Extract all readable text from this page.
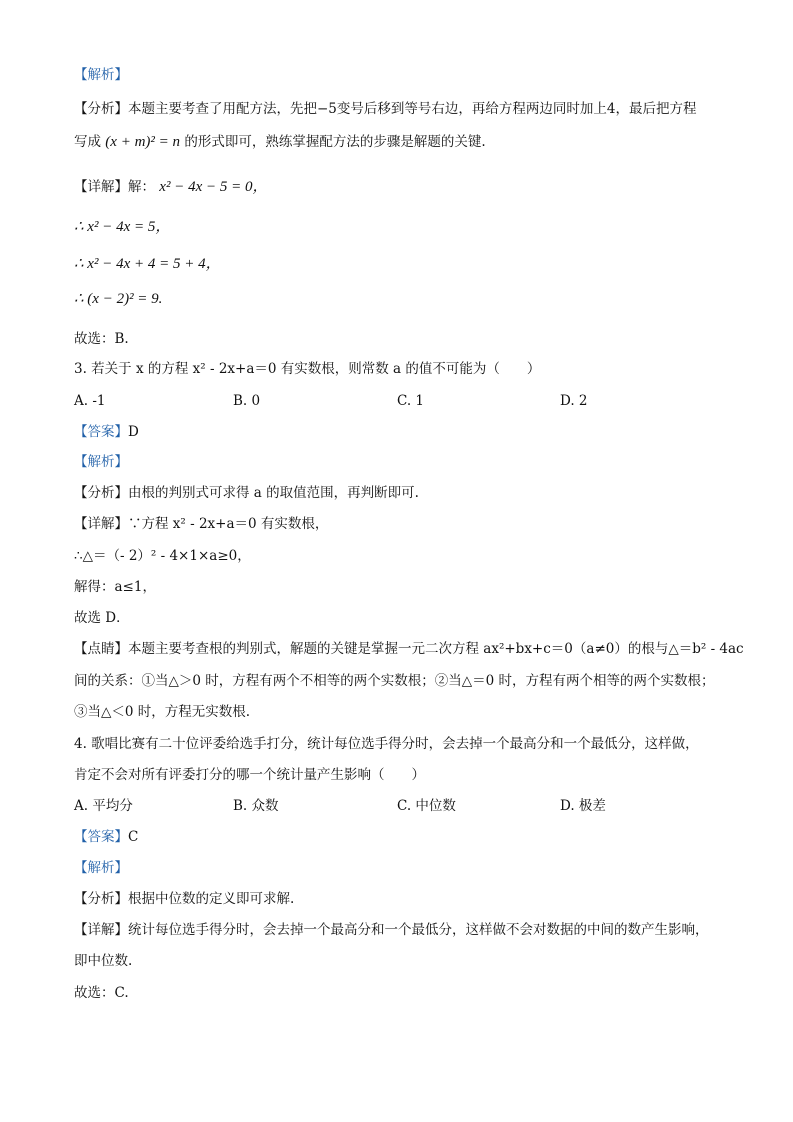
【解析】
【分析】本题主要考查了用配方法，先把−5变号后移到等号右边，再给方程两边同时加上4，最后把方程
写成 (x + m)² = n 的形式即可，熟练掌握配方法的步骤是解题的关键.
【详解】解： x² − 4x − 5 = 0，
∴ x² − 4x = 5，
∴ x² − 4x + 4 = 5 + 4，
∴ (x − 2)² = 9.
故选：B.
3. 若关于 x 的方程 x² - 2x+a＝0 有实数根，则常数 a 的值不可能为（　　）
A. ‑1	B. 0	C. 1	D. 2
【答案】D
【解析】
【分析】由根的判别式可求得 a 的取值范围，再判断即可.
【详解】∵方程 x² - 2x+a＝0 有实数根，
∴△＝（- 2）² - 4×1×a≥0，
解得：a≤1，
故选 D．
【点睛】本题主要考查根的判别式，解题的关键是掌握一元二次方程 ax²+bx+c＝0（a≠0）的根与△＝b² - 4ac
间的关系：①当△＞0 时，方程有两个不相等的两个实数根；②当△＝0 时，方程有两个相等的两个实数根；
③当△＜0 时，方程无实数根.
4. 歌唱比赛有二十位评委给选手打分，统计每位选手得分时，会去掉一个最高分和一个最低分，这样做，
肯定不会对所有评委打分的哪一个统计量产生影响（　　）
A. 平均分	B. 众数	C. 中位数	D. 极差
【答案】C
【解析】
【分析】根据中位数的定义即可求解.
【详解】统计每位选手得分时，会去掉一个最高分和一个最低分，这样做不会对数据的中间的数产生影响，
即中位数.
故选：C.
